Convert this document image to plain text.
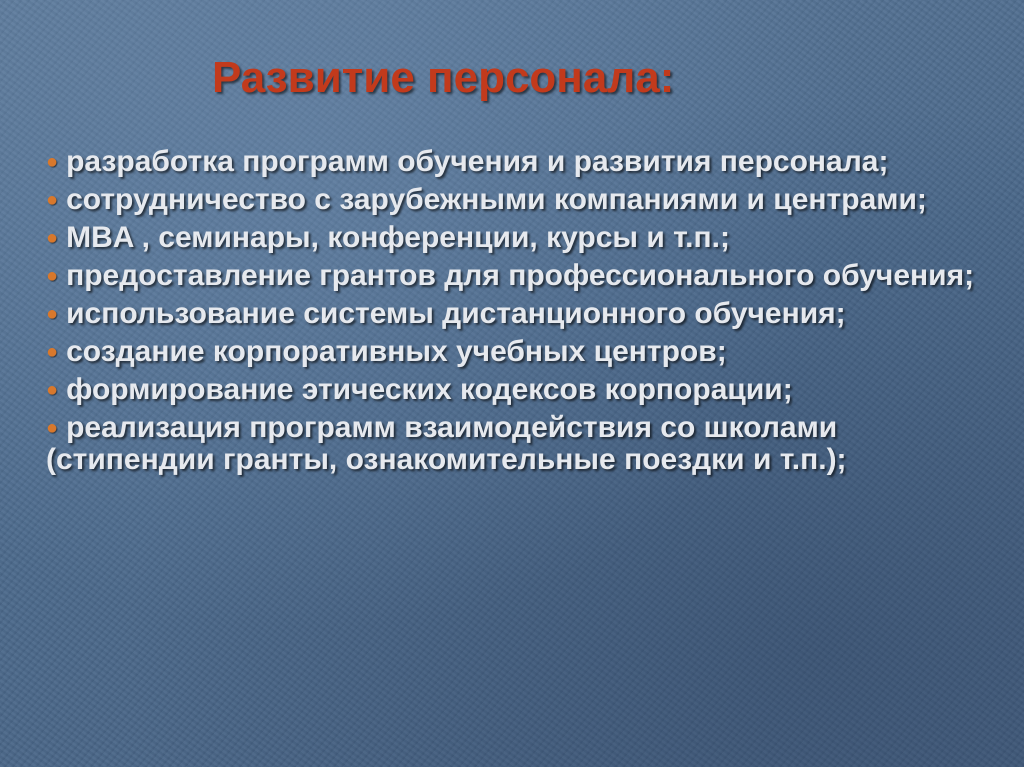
Развитие персонала:
● разработка программ обучения и развития персонала;
● сотрудничество с зарубежными компаниями и центрами;
● MBA , семинары, конференции, курсы и т.п.;
● предоставление грантов для профессионального обучения;
● использование системы дистанционного обучения;
● создание корпоративных учебных центров;
● формирование этических кодексов корпорации;
● реализация программ взаимодействия со школами (стипендии гранты, ознакомительные поездки и т.п.);
